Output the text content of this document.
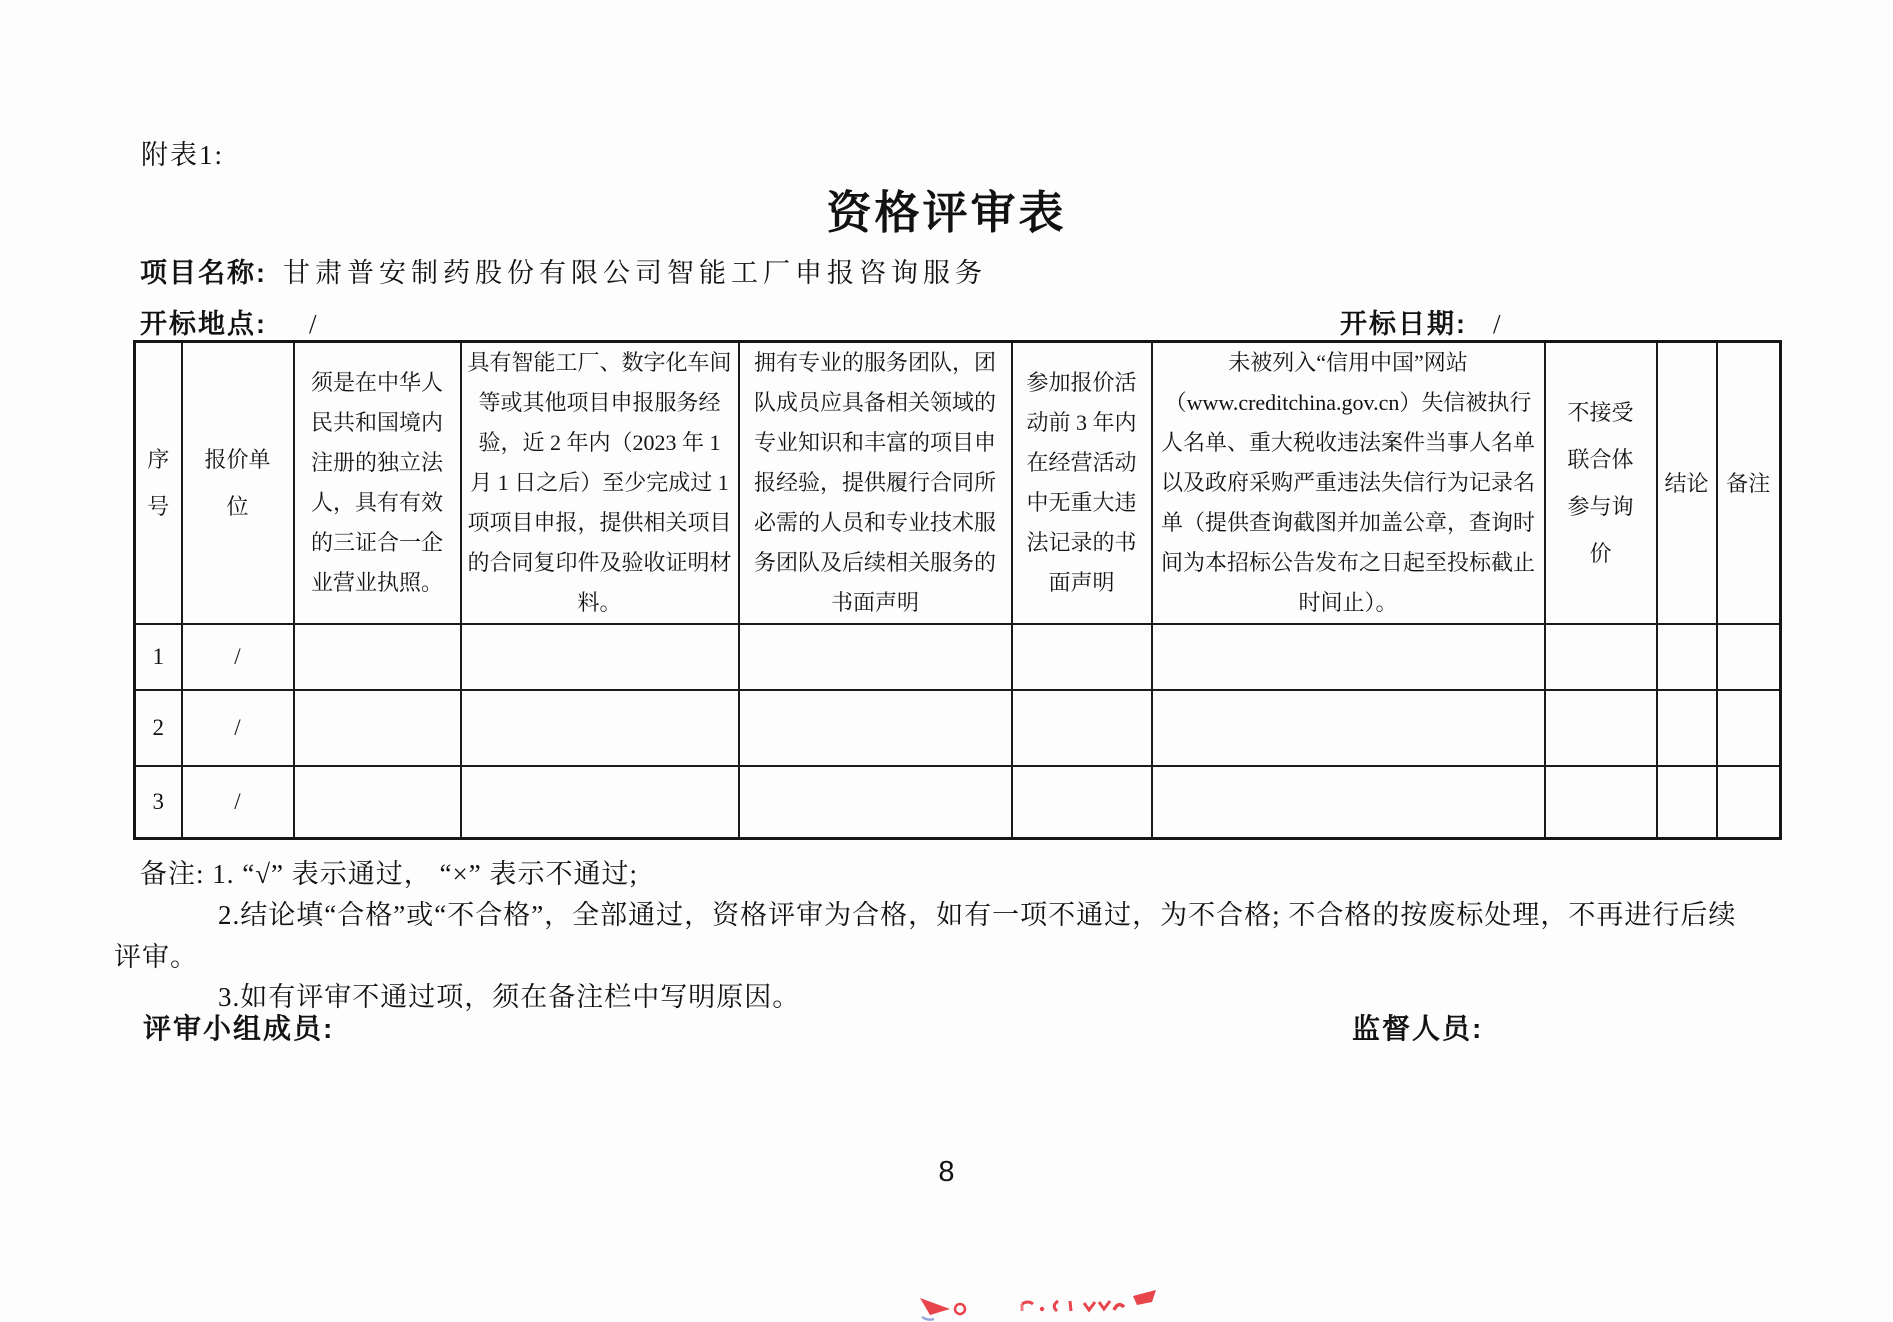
附表1:
资格评审表
项目名称: 甘肃普安制药股份有限公司智能工厂申报咨询服务
开标地点: /	开标日期: /
序号	报价单位	须是在中华人民共和国境内注册的独立法人，具有有效的三证合一企业营业执照。	具有智能工厂、数字化车间等或其他项目申报服务经验，近 2 年内（2023 年 1 月 1 日之后）至少完成过 1 项项目申报，提供相关项目的合同复印件及验收证明材料。	拥有专业的服务团队，团队成员应具备相关领域的专业知识和丰富的项目申报经验，提供履行合同所必需的人员和专业技术服务团队及后续相关服务的书面声明	参加报价活动前 3 年内在经营活动中无重大违法记录的书面声明	未被列入“信用中国”网站（www.creditchina.gov.cn）失信被执行人名单、重大税收违法案件当事人名单以及政府采购严重违法失信行为记录名单（提供查询截图并加盖公章，查询时间为本招标公告发布之日起至投标截止时间止）。	不接受联合体参与询价	结论	备注
1	/								
2	/								
3	/								
备注: 1. “√” 表示通过， “×” 表示不通过;
2.结论填“合格”或“不合格”，全部通过，资格评审为合格，如有一项不通过，为不合格; 不合格的按废标处理，不再进行后续
评审。
3.如有评审不通过项，须在备注栏中写明原因。
评审小组成员:	监督人员:
8
